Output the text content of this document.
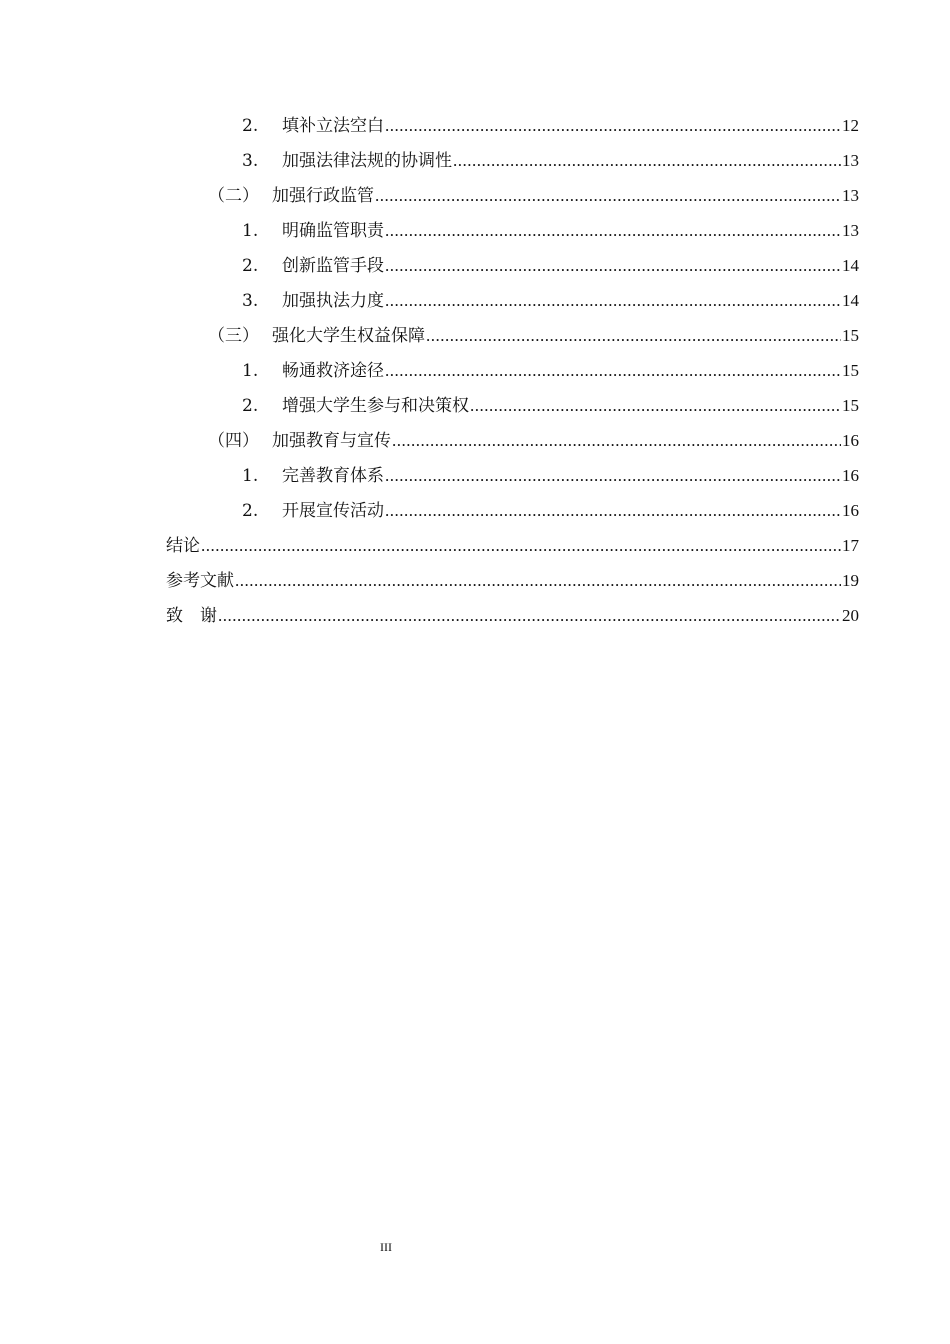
2.	填补立法空白 .....	12
3.	加强法律法规的协调性 .....	13
（二） 加强行政监管 .....	13
1.	明确监管职责 .....	13
2.	创新监管手段 .....	14
3.	加强执法力度 .....	14
（三） 强化大学生权益保障 .....	15
1.	畅通救济途径 .....	15
2.	增强大学生参与和决策权 .....	15
（四） 加强教育与宣传 .....	16
1.	完善教育体系 .....	16
2.	开展宣传活动 .....	16
结论 .....	17
参考文献 .....	19
致　谢 .....	20
III
